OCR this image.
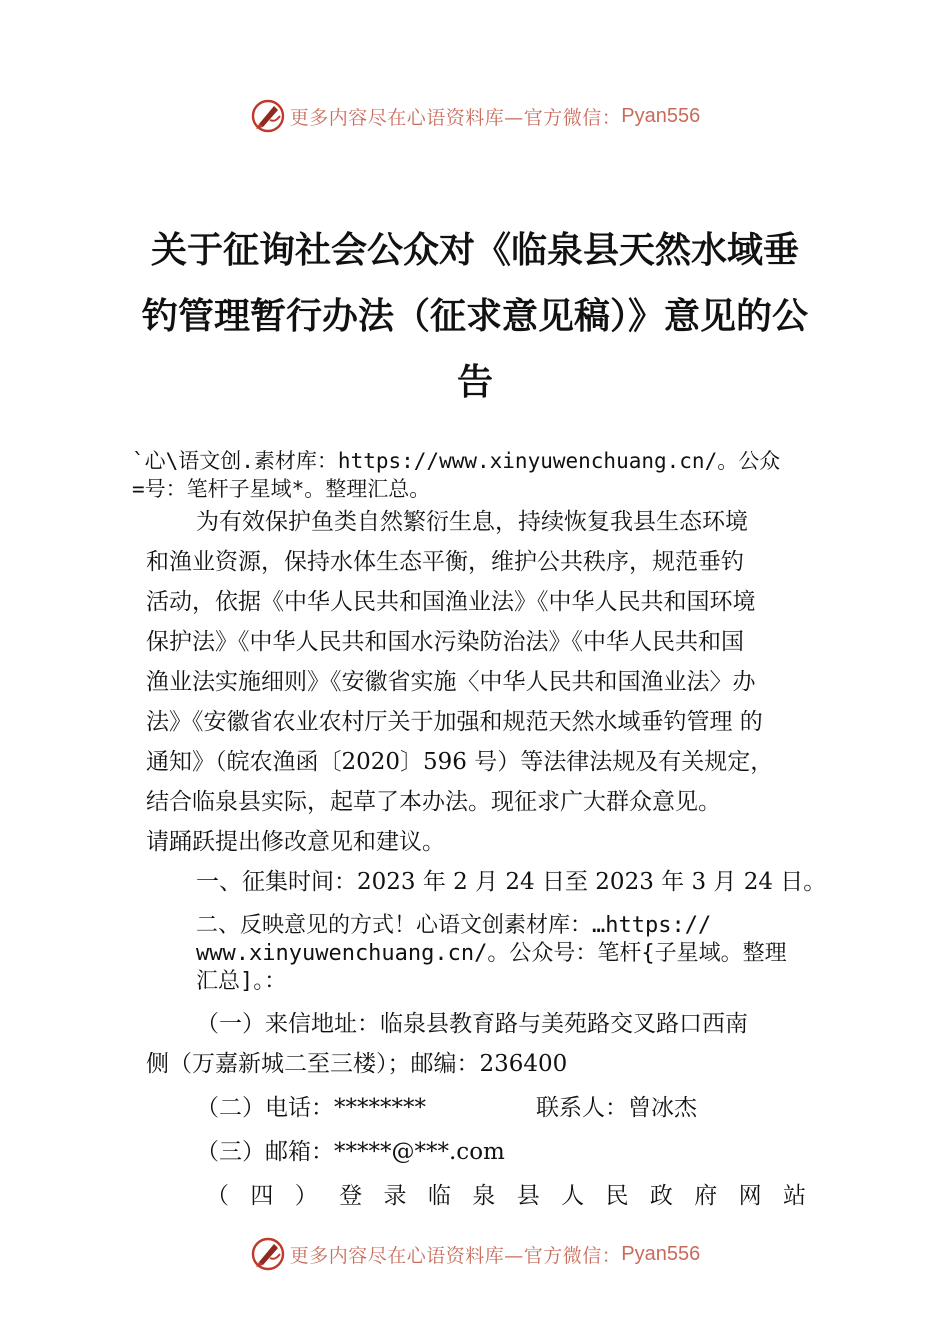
更多内容尽在心语资料库—官方微信： Pyan556
关于征询社会公众对《临泉县天然水域垂
钓管理暂行办法（征求意见稿）》意见的公
告
`心\语文创.素材库：https://www.xinyuwenchuang.cn/。公众
=号：笔杆子星域*。整理汇总。
为有效保护鱼类自然繁衍生息，持续恢复我县生态环境
和渔业资源，保持水体生态平衡，维护公共秩序，规范垂钓
活动，依据《中华人民共和国渔业法》《中华人民共和国环境
保护法》《中华人民共和国水污染防治法》《中华人民共和国
渔业法实施细则》《安徽省实施〈中华人民共和国渔业法〉办
法》《安徽省农业农村厅关于加强和规范天然水域垂钓管理 的
通知》（皖农渔函〔2020〕596 号）等法律法规及有关规定，
结合临泉县实际，起草了本办法。现征求广大群众意见。
请踊跃提出修改意见和建议。
一、征集时间：2023 年 2 月 24 日至 2023 年 3 月 24 日。
二、反映意见的方式！心语文创素材库：…https://
www.xinyuwenchuang.cn/。公众号：笔杆{子星域。整理
汇总]。：
（一）来信地址：临泉县教育路与美苑路交叉路口西南
侧（万嘉新城二至三楼）；邮编：236400
（二）电话：********	联系人：曾冰杰
（三）邮箱：*****@***.com
（ 四 ） 登 录 临 泉 县 人 民 政 府 网 站
更多内容尽在心语资料库—官方微信： Pyan556
